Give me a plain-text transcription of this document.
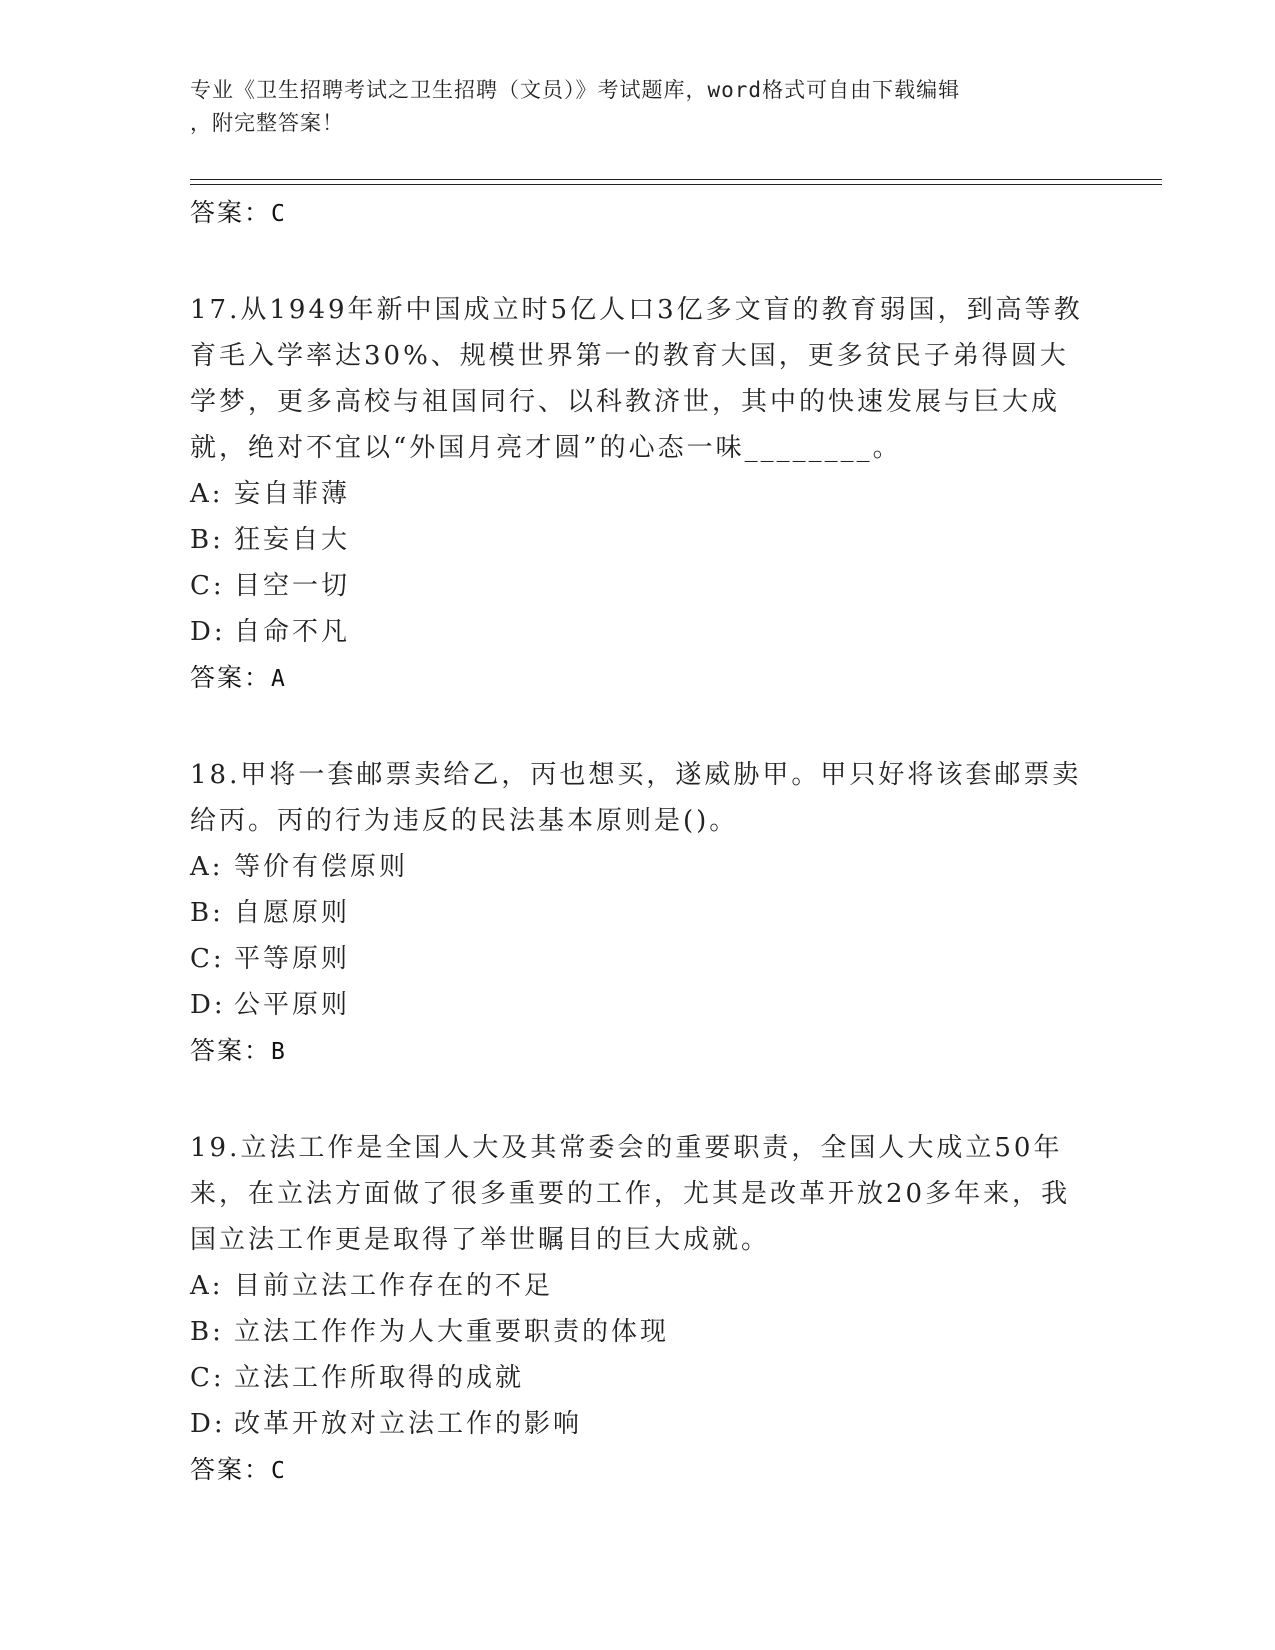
专业《卫生招聘考试之卫生招聘（文员）》考试题库，word格式可自由下载编辑
，附完整答案！
答案：C
17.从1949年新中国成立时5亿人口3亿多文盲的教育弱国，到高等教育毛入学率达30%、规模世界第一的教育大国，更多贫民子弟得圆大学梦，更多高校与祖国同行、以科教济世，其中的快速发展与巨大成就，绝对不宜以“外国月亮才圆”的心态一味________。
A: 妄自菲薄
B: 狂妄自大
C: 目空一切
D: 自命不凡
答案：A
18.甲将一套邮票卖给乙，丙也想买，遂威胁甲。甲只好将该套邮票卖给丙。丙的行为违反的民法基本原则是()。
A: 等价有偿原则
B: 自愿原则
C: 平等原则
D: 公平原则
答案：B
19.立法工作是全国人大及其常委会的重要职责，全国人大成立50年来，在立法方面做了很多重要的工作，尤其是改革开放20多年来，我国立法工作更是取得了举世瞩目的巨大成就。
A: 目前立法工作存在的不足
B: 立法工作作为人大重要职责的体现
C: 立法工作所取得的成就
D: 改革开放对立法工作的影响
答案：C
